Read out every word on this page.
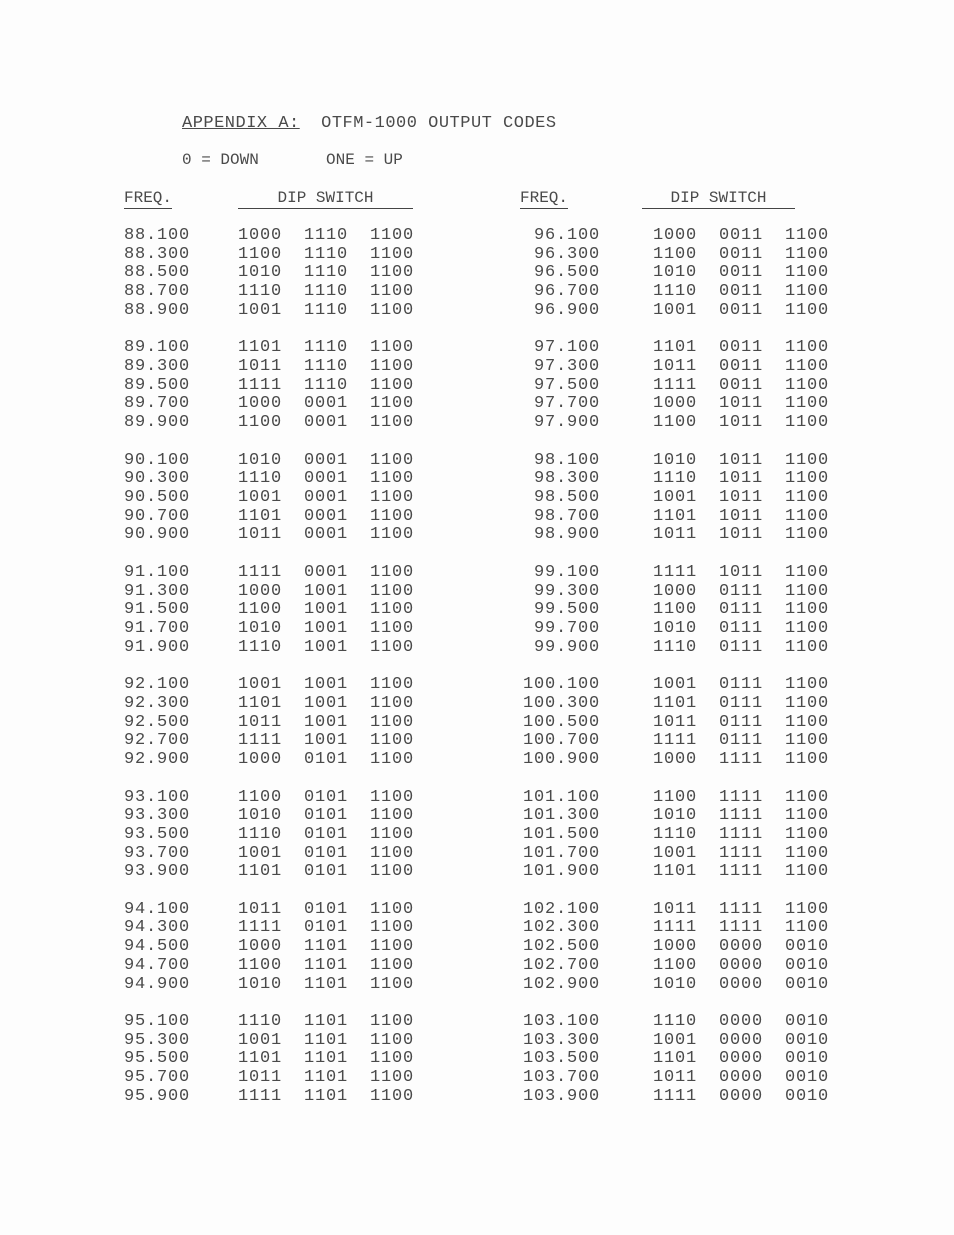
APPENDIX A: OTFM-1000 OUTPUT CODES
0 = DOWN	ONE = UP
FREQ.	DIP SWITCH	FREQ.	DIP SWITCH
88.100	1000 1110 1100
88.300	1100 1110 1100
88.500	1010 1110 1100
88.700	1110 1110 1100
88.900	1001 1110 1100
89.100	1101 1110 1100
89.300	1011 1110 1100
89.500	1111 1110 1100
89.700	1000 0001 1100
89.900	1100 0001 1100
90.100	1010 0001 1100
90.300	1110 0001 1100
90.500	1001 0001 1100
90.700	1101 0001 1100
90.900	1011 0001 1100
91.100	1111 0001 1100
91.300	1000 1001 1100
91.500	1100 1001 1100
91.700	1010 1001 1100
91.900	1110 1001 1100
92.100	1001 1001 1100
92.300	1101 1001 1100
92.500	1011 1001 1100
92.700	1111 1001 1100
92.900	1000 0101 1100
93.100	1100 0101 1100
93.300	1010 0101 1100
93.500	1110 0101 1100
93.700	1001 0101 1100
93.900	1101 0101 1100
94.100	1011 0101 1100
94.300	1111 0101 1100
94.500	1000 1101 1100
94.700	1100 1101 1100
94.900	1010 1101 1100
95.100	1110 1101 1100
95.300	1001 1101 1100
95.500	1101 1101 1100
95.700	1011 1101 1100
95.900	1111 1101 1100
96.100	1000 0011 1100
96.300	1100 0011 1100
96.500	1010 0011 1100
96.700	1110 0011 1100
96.900	1001 0011 1100
97.100	1101 0011 1100
97.300	1011 0011 1100
97.500	1111 0011 1100
97.700	1000 1011 1100
97.900	1100 1011 1100
98.100	1010 1011 1100
98.300	1110 1011 1100
98.500	1001 1011 1100
98.700	1101 1011 1100
98.900	1011 1011 1100
99.100	1111 1011 1100
99.300	1000 0111 1100
99.500	1100 0111 1100
99.700	1010 0111 1100
99.900	1110 0111 1100
100.100	1001 0111 1100
100.300	1101 0111 1100
100.500	1011 0111 1100
100.700	1111 0111 1100
100.900	1000 1111 1100
101.100	1100 1111 1100
101.300	1010 1111 1100
101.500	1110 1111 1100
101.700	1001 1111 1100
101.900	1101 1111 1100
102.100	1011 1111 1100
102.300	1111 1111 1100
102.500	1000 0000 0010
102.700	1100 0000 0010
102.900	1010 0000 0010
103.100	1110 0000 0010
103.300	1001 0000 0010
103.500	1101 0000 0010
103.700	1011 0000 0010
103.900	1111 0000 0010
